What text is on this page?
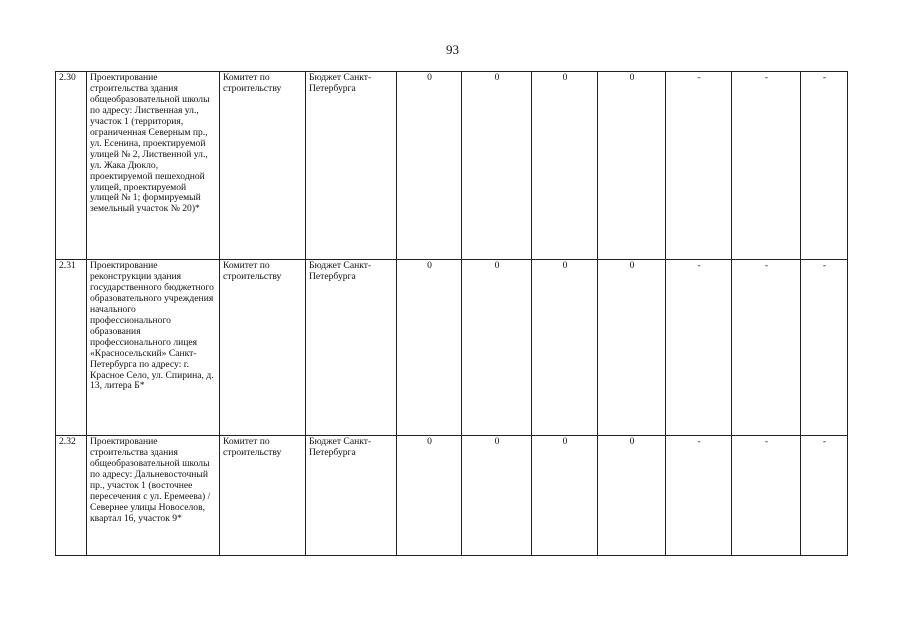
93
2.30	Проектирование строительства здания общеобразовательной школы по адресу: Лиственная ул., участок 1 (территория, ограниченная Северным пр., ул. Есенина, проектируемой улицей № 2, Лиственной ул., ул. Жака Дюкло, проектируемой пешеходной улицей, проектируемой улицей № 1; формируемый земельный участок № 20)*	Комитет по строительству	Бюджет Санкт-Петербурга	0	0	0	0	-	-	-
2.31	Проектирование реконструкции здания государственного бюджетного образовательного учреждения начального профессионального образования профессионального лицея «Красносельский» Санкт-Петербурга по адресу: г. Красное Село, ул. Спирина, д. 13, литера Б*	Комитет по строительству	Бюджет Санкт-Петербурга	0	0	0	0	-	-	-
2.32	Проектирование строительства здания общеобразовательной школы по адресу: Дальневосточный пр., участок 1 (восточнее пересечения с ул. Еремеева) / Севернее улицы Новоселов, квартал 16, участок 9*	Комитет по строительству	Бюджет Санкт-Петербурга	0	0	0	0	-	-	-
